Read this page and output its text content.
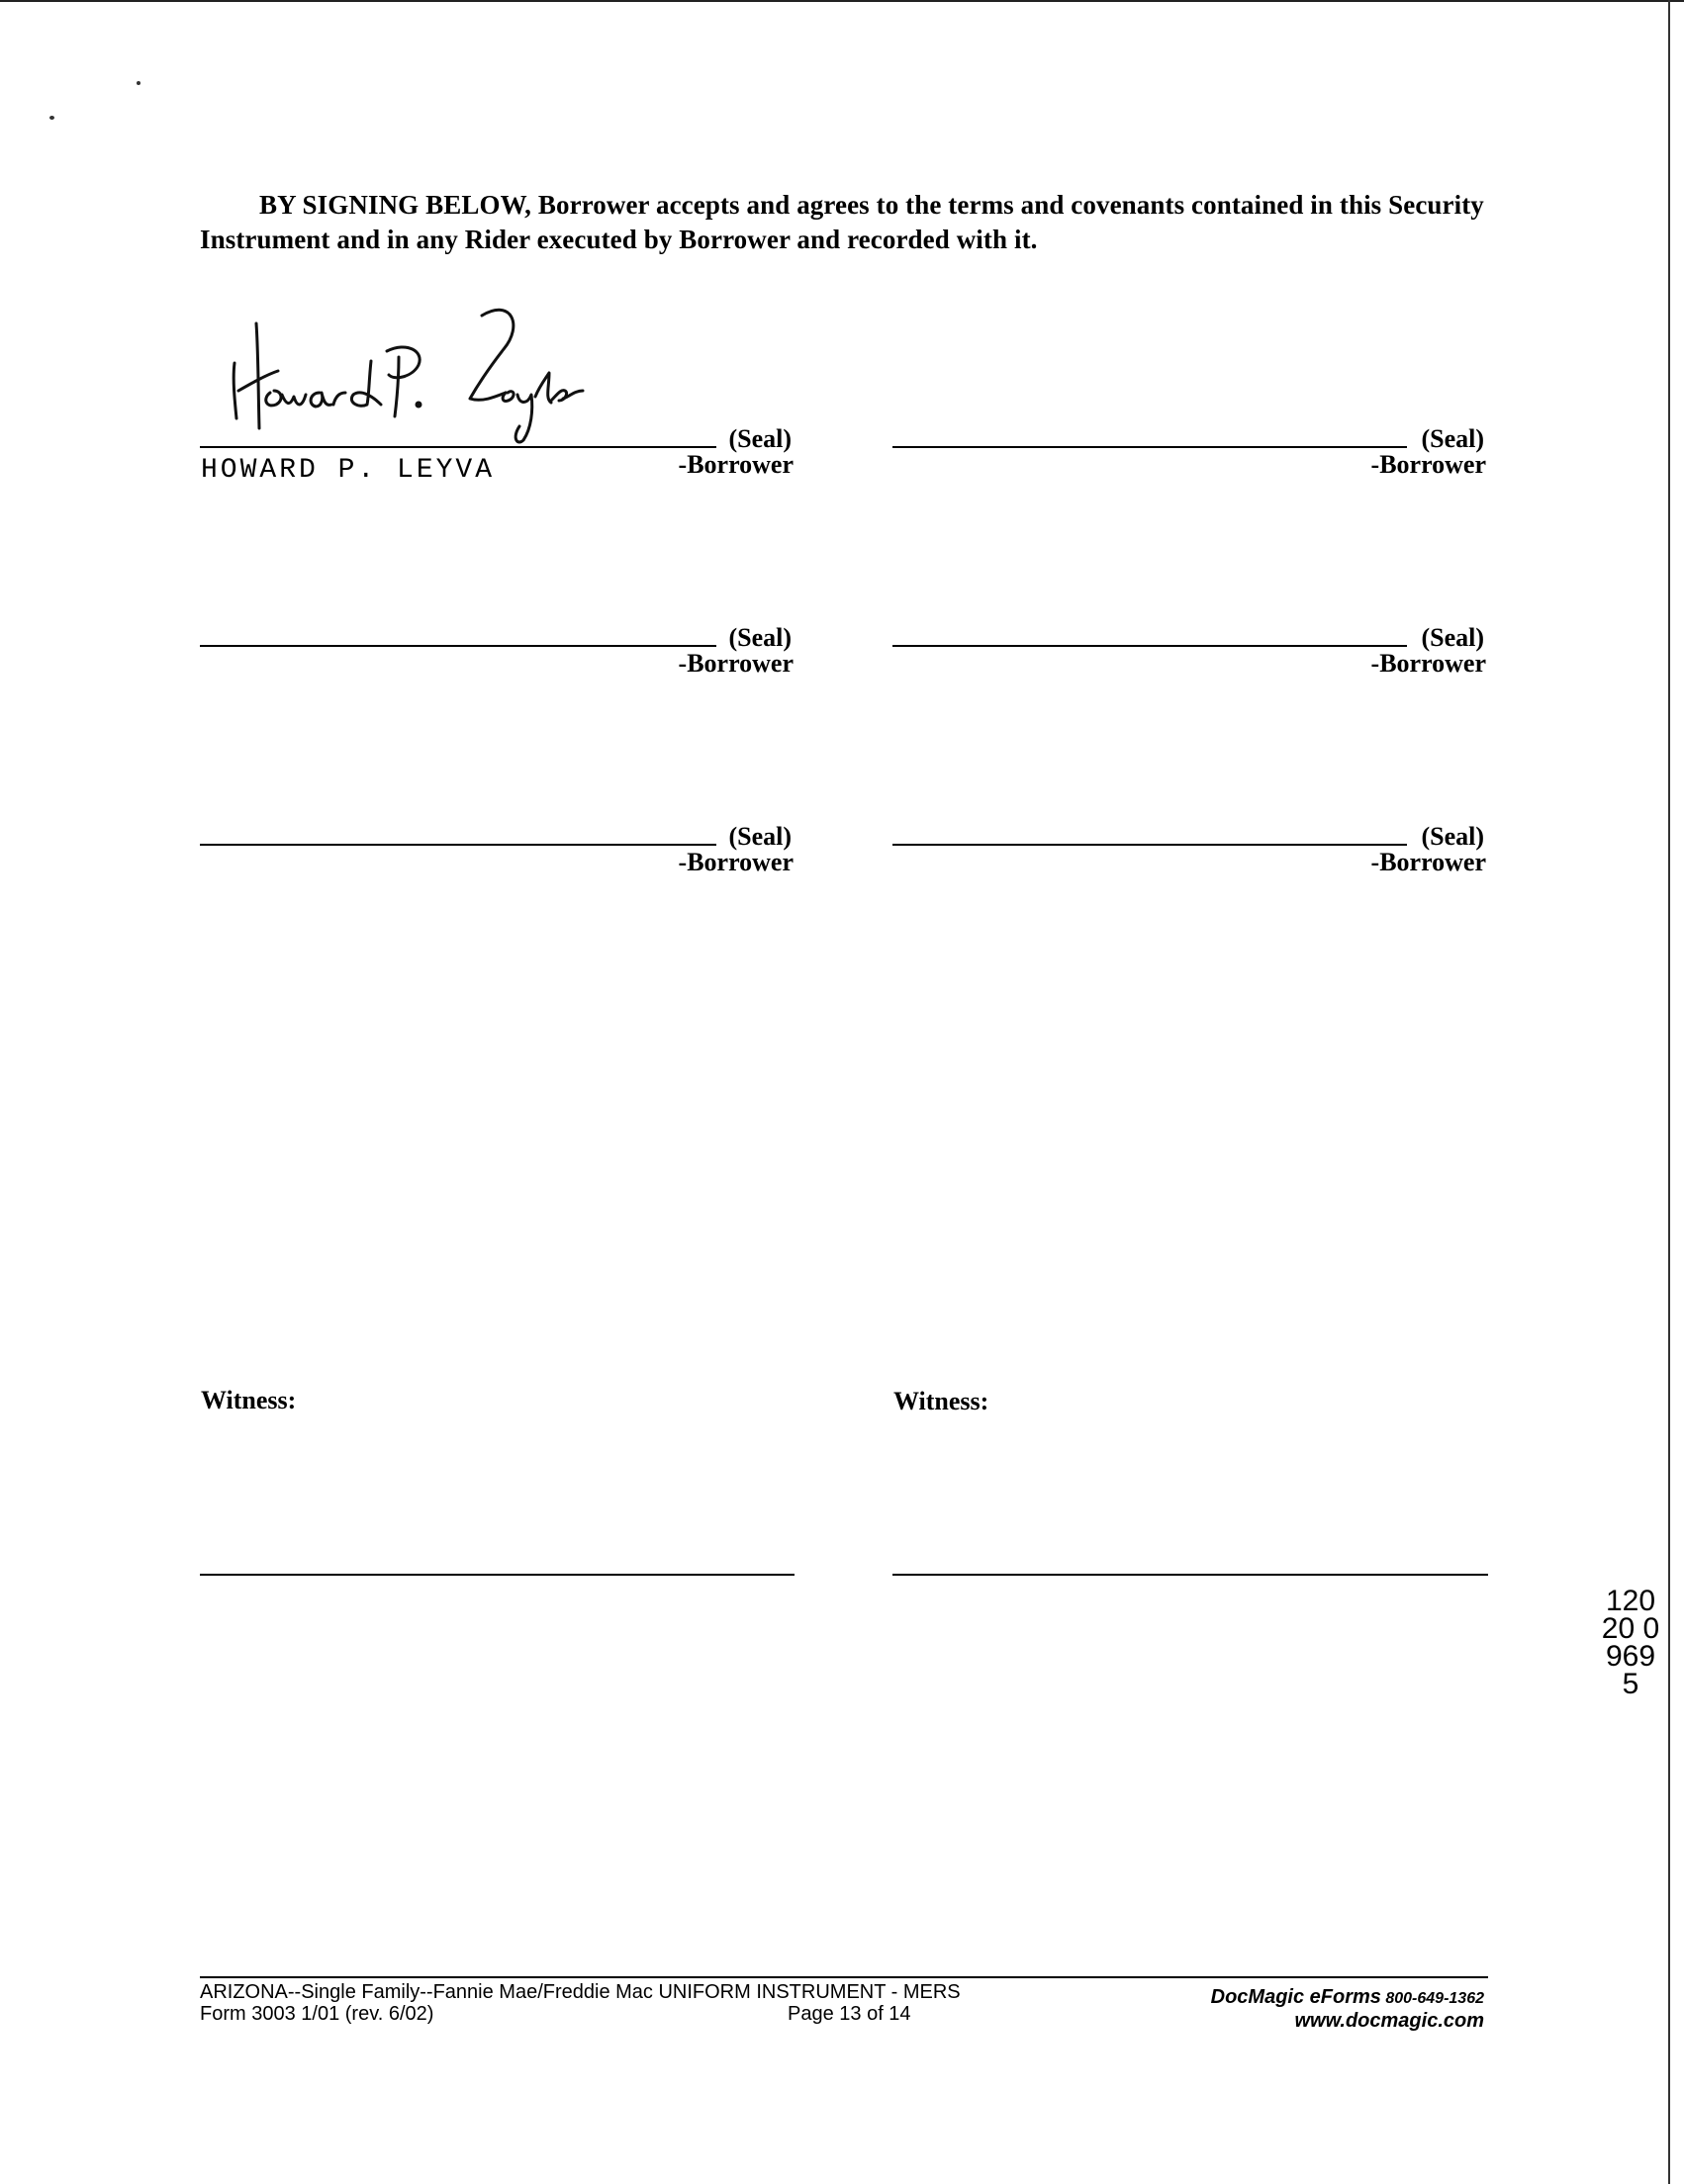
BY SIGNING BELOW, Borrower accepts and agrees to the terms and covenants contained in this Security Instrument and in any Rider executed by Borrower and recorded with it.
(Seal)
-Borrower
HOWARD P. LEYVA
(Seal)
-Borrower
(Seal)
-Borrower
(Seal)
-Borrower
(Seal)
-Borrower
(Seal)
-Borrower
Witness:	Witness:
12020 09695
ARIZONA--Single Family--Fannie Mae/Freddie Mac UNIFORM INSTRUMENT - MERS
Form 3003 1/01 (rev. 6/02)	Page 13 of 14
DocMagic eForms 800-649-1362
www.docmagic.com
